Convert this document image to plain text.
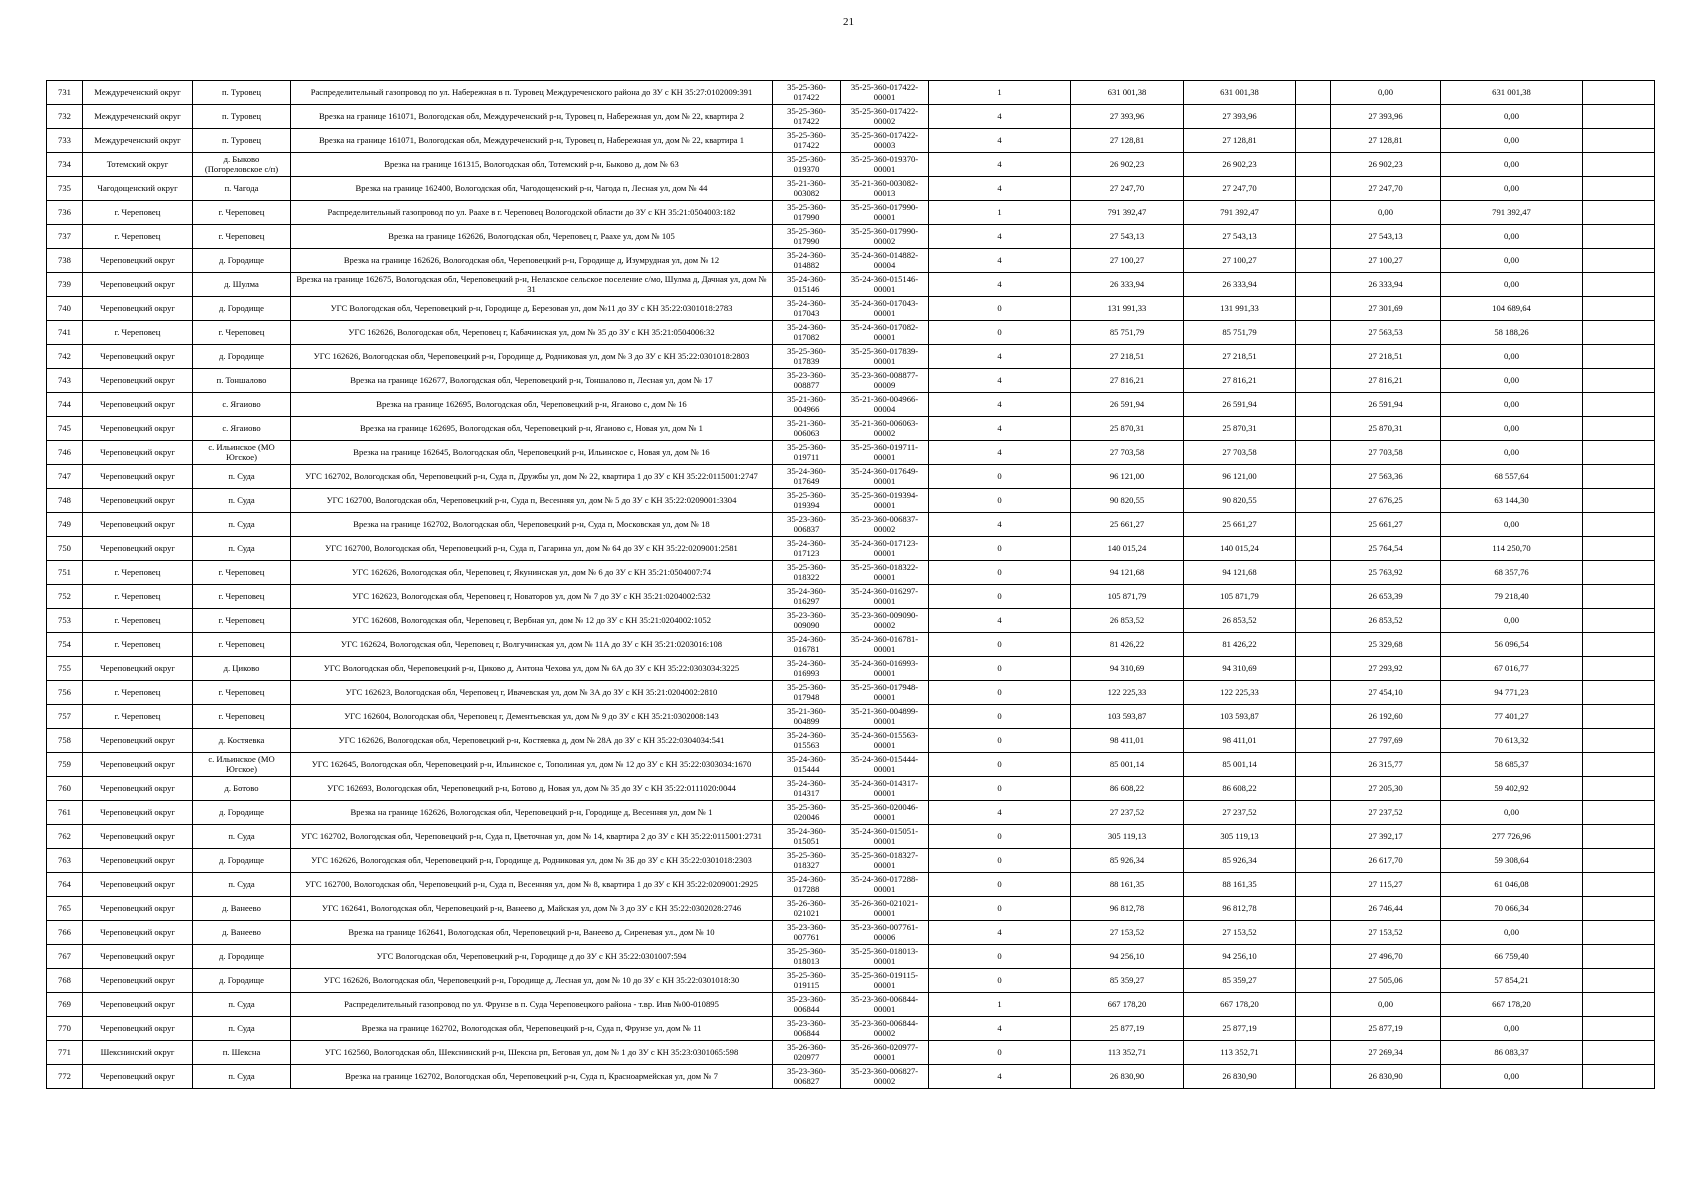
21
731	Междуреченский округ	п. Туровец	Распределительный газопровод по ул. Набережная в п. Туровец Междуреченского района до ЗУ с КН 35:27:0102009:391	35-25-360-017422	35-25-360-017422-00001	1	631 001,38	631 001,38		0,00	631 001,38	
732	Междуреченский округ	п. Туровец	Врезка на границе 161071, Вологодская обл, Междуреченский р-н, Туровец п, Набережная ул, дом № 22, квартира 2	35-25-360-017422	35-25-360-017422-00002	4	27 393,96	27 393,96		27 393,96	0,00	
733	Междуреченский округ	п. Туровец	Врезка на границе 161071, Вологодская обл, Междуреченский р-н, Туровец п, Набережная ул, дом № 22, квартира 1	35-25-360-017422	35-25-360-017422-00003	4	27 128,81	27 128,81		27 128,81	0,00	
734	Тотемский округ	д. Быково (Погореловское с/п)	Врезка на границе 161315, Вологодская обл, Тотемский р-н, Быково д, дом № 63	35-25-360-019370	35-25-360-019370-00001	4	26 902,23	26 902,23		26 902,23	0,00	
735	Чагодощенский округ	п. Чагода	Врезка на границе 162400, Вологодская обл, Чагодощенский р-н, Чагода п, Лесная ул, дом № 44	35-21-360-003082	35-21-360-003082-00013	4	27 247,70	27 247,70		27 247,70	0,00	
736	г. Череповец	г. Череповец	Распределительный газопровод по ул. Раахе в г. Череповец Вологодской области до ЗУ с КН 35:21:0504003:182	35-25-360-017990	35-25-360-017990-00001	1	791 392,47	791 392,47		0,00	791 392,47	
737	г. Череповец	г. Череповец	Врезка на границе 162626, Вологодская обл, Череповец г, Раахе ул, дом № 105	35-25-360-017990	35-25-360-017990-00002	4	27 543,13	27 543,13		27 543,13	0,00	
738	Череповецкий округ	д. Городище	Врезка на границе 162626, Вологодская обл, Череповецкий р-н, Городище д, Изумрудная ул, дом № 12	35-24-360-014882	35-24-360-014882-00004	4	27 100,27	27 100,27		27 100,27	0,00	
739	Череповецкий округ	д. Шулма	Врезка на границе 162675, Вологодская обл, Череповецкий р-н, Нелазское сельское поселение с/мо, Шулма д, Дачная ул, дом № 31	35-24-360-015146	35-24-360-015146-00001	4	26 333,94	26 333,94		26 333,94	0,00	
740	Череповецкий округ	д. Городище	УГС Вологодская обл, Череповецкий р-н, Городище д, Березовая ул, дом №11 до ЗУ с КН 35:22:0301018:2783	35-24-360-017043	35-24-360-017043-00001	0	131 991,33	131 991,33		27 301,69	104 689,64	
741	г. Череповец	г. Череповец	УГС 162626, Вологодская обл, Череповец г, Кабачинская ул, дом № 35 до ЗУ с КН 35:21:0504006:32	35-24-360-017082	35-24-360-017082-00001	0	85 751,79	85 751,79		27 563,53	58 188,26	
742	Череповецкий округ	д. Городище	УГС 162626, Вологодская обл, Череповецкий р-н, Городище д, Родниковая ул, дом № 3 до ЗУ с КН 35:22:0301018:2803	35-25-360-017839	35-25-360-017839-00001	4	27 218,51	27 218,51		27 218,51	0,00	
743	Череповецкий округ	п. Тоншалово	Врезка на границе 162677, Вологодская обл, Череповецкий р-н, Тоншалово п, Лесная ул, дом № 17	35-23-360-008877	35-23-360-008877-00009	4	27 816,21	27 816,21		27 816,21	0,00	
744	Череповецкий округ	с. Ягаиово	Врезка на границе 162695, Вологодская обл, Череповецкий р-н, Ягаиово с, дом № 16	35-21-360-004966	35-21-360-004966-00004	4	26 591,94	26 591,94		26 591,94	0,00	
745	Череповецкий округ	с. Ягаиово	Врезка на границе 162695, Вологодская обл, Череповецкий р-н, Ягаиово с, Новая ул, дом № 1	35-21-360-006063	35-21-360-006063-00002	4	25 870,31	25 870,31		25 870,31	0,00	
746	Череповецкий округ	с. Ильинское (МО Югское)	Врезка на границе 162645, Вологодская обл, Череповецкий р-н, Ильинское с, Новая ул, дом № 16	35-25-360-019711	35-25-360-019711-00001	4	27 703,58	27 703,58		27 703,58	0,00	
747	Череповецкий округ	п. Суда	УГС 162702, Вологодская обл, Череповецкий р-н, Суда п, Дружбы ул, дом № 22, квартира 1 до ЗУ с КН 35:22:0115001:2747	35-24-360-017649	35-24-360-017649-00001	0	96 121,00	96 121,00		27 563,36	68 557,64	
748	Череповецкий округ	п. Суда	УГС 162700, Вологодская обл, Череповецкий р-н, Суда п, Весенняя ул, дом № 5 до ЗУ с КН 35:22:0209001:3304	35-25-360-019394	35-25-360-019394-00001	0	90 820,55	90 820,55		27 676,25	63 144,30	
749	Череповецкий округ	п. Суда	Врезка на границе 162702, Вологодская обл, Череповецкий р-н, Суда п, Московская ул, дом № 18	35-23-360-006837	35-23-360-006837-00002	4	25 661,27	25 661,27		25 661,27	0,00	
750	Череповецкий округ	п. Суда	УГС 162700, Вологодская обл, Череповецкий р-н, Суда п, Гагарина ул, дом № 64 до ЗУ с КН 35:22:0209001:2581	35-24-360-017123	35-24-360-017123-00001	0	140 015,24	140 015,24		25 764,54	114 250,70	
751	г. Череповец	г. Череповец	УГС 162626, Вологодская обл, Череповец г, Якунинская ул, дом № 6 до ЗУ с КН 35:21:0504007:74	35-25-360-018322	35-25-360-018322-00001	0	94 121,68	94 121,68		25 763,92	68 357,76	
752	г. Череповец	г. Череповец	УГС 162623, Вологодская обл, Череповец г, Новаторов ул, дом № 7 до ЗУ с КН 35:21:0204002:532	35-24-360-016297	35-24-360-016297-00001	0	105 871,79	105 871,79		26 653,39	79 218,40	
753	г. Череповец	г. Череповец	УГС 162608, Вологодская обл, Череповец г, Вербная ул, дом № 12 до ЗУ с КН 35:21:0204002:1052	35-23-360-009090	35-23-360-009090-00002	4	26 853,52	26 853,52		26 853,52	0,00	
754	г. Череповец	г. Череповец	УГС 162624, Вологодская обл, Череповец г, Волгучинская ул, дом № 11А до ЗУ с КН 35:21:0203016:108	35-24-360-016781	35-24-360-016781-00001	0	81 426,22	81 426,22		25 329,68	56 096,54	
755	Череповецкий округ	д. Циково	УГС Вологодская обл, Череповецкий р-н, Циково д, Антона Чехова ул, дом № 6А до ЗУ с КН 35:22:0303034:3225	35-24-360-016993	35-24-360-016993-00001	0	94 310,69	94 310,69		27 293,92	67 016,77	
756	г. Череповец	г. Череповец	УГС 162623, Вологодская обл, Череповец г, Ивачевская ул, дом № 3А до ЗУ с КН 35:21:0204002:2810	35-25-360-017948	35-25-360-017948-00001	0	122 225,33	122 225,33		27 454,10	94 771,23	
757	г. Череповец	г. Череповец	УГС 162604, Вологодская обл, Череповец г, Дементьевская ул, дом № 9 до ЗУ с КН 35:21:0302008:143	35-21-360-004899	35-21-360-004899-00001	0	103 593,87	103 593,87		26 192,60	77 401,27	
758	Череповецкий округ	д. Костяевка	УГС 162626, Вологодская обл, Череповецкий р-н, Костяевка д, дом № 28А до ЗУ с КН 35:22:0304034:541	35-24-360-015563	35-24-360-015563-00001	0	98 411,01	98 411,01		27 797,69	70 613,32	
759	Череповецкий округ	с. Ильинское (МО Югское)	УГС 162645, Вологодская обл, Череповецкий р-н, Ильинское с, Тополиная ул, дом № 12 до ЗУ с КН 35:22:0303034:1670	35-24-360-015444	35-24-360-015444-00001	0	85 001,14	85 001,14		26 315,77	58 685,37	
760	Череповецкий округ	д. Ботово	УГС 162693, Вологодская обл, Череповецкий р-н, Ботово д, Новая ул, дом № 35 до ЗУ с КН 35:22:0111020:0044	35-24-360-014317	35-24-360-014317-00001	0	86 608,22	86 608,22		27 205,30	59 402,92	
761	Череповецкий округ	д. Городище	Врезка на границе 162626, Вологодская обл, Череповецкий р-н, Городище д, Весенняя ул, дом № 1	35-25-360-020046	35-25-360-020046-00001	4	27 237,52	27 237,52		27 237,52	0,00	
762	Череповецкий округ	п. Суда	УГС 162702, Вологодская обл, Череповецкий р-н, Суда п, Цветочная ул, дом № 14, квартира 2 до ЗУ с КН 35:22:0115001:2731	35-24-360-015051	35-24-360-015051-00001	0	305 119,13	305 119,13		27 392,17	277 726,96	
763	Череповецкий округ	д. Городище	УГС 162626, Вологодская обл, Череповецкий р-н, Городище д, Родниковая ул, дом № 3Б до ЗУ с КН 35:22:0301018:2303	35-25-360-018327	35-25-360-018327-00001	0	85 926,34	85 926,34		26 617,70	59 308,64	
764	Череповецкий округ	п. Суда	УГС 162700, Вологодская обл, Череповецкий р-н, Суда п, Весенняя ул, дом № 8, квартира 1 до ЗУ с КН 35:22:0209001:2925	35-24-360-017288	35-24-360-017288-00001	0	88 161,35	88 161,35		27 115,27	61 046,08	
765	Череповецкий округ	д. Ванеево	УГС 162641, Вологодская обл, Череповецкий р-н, Ванеево д, Майская ул, дом № 3 до ЗУ с КН 35:22:0302028:2746	35-26-360-021021	35-26-360-021021-00001	0	96 812,78	96 812,78		26 746,44	70 066,34	
766	Череповецкий округ	д. Ванеево	Врезка на границе 162641, Вологодская обл, Череповецкий р-н, Ванеево д, Сиреневая ул., дом № 10	35-23-360-007761	35-23-360-007761-00006	4	27 153,52	27 153,52		27 153,52	0,00	
767	Череповецкий округ	д. Городище	УГС Вологодская обл, Череповецкий р-н, Городище д до ЗУ с КН 35:22:0301007:594	35-25-360-018013	35-25-360-018013-00001	0	94 256,10	94 256,10		27 496,70	66 759,40	
768	Череповецкий округ	д. Городище	УГС 162626, Вологодская обл, Череповецкий р-н, Городище д, Лесная ул, дом № 10 до ЗУ с КН 35:22:0301018:30	35-25-360-019115	35-25-360-019115-00001	0	85 359,27	85 359,27		27 505,06	57 854,21	
769	Череповецкий округ	п. Суда	Распределительный газопровод по ул. Фрунзе в п. Суда Череповецкого района - т.вр. Инв №00-010895	35-23-360-006844	35-23-360-006844-00001	1	667 178,20	667 178,20		0,00	667 178,20	
770	Череповецкий округ	п. Суда	Врезка на границе 162702, Вологодская обл, Череповецкий р-н, Суда п, Фрунзе ул, дом № 11	35-23-360-006844	35-23-360-006844-00002	4	25 877,19	25 877,19		25 877,19	0,00	
771	Шекснинский округ	п. Шексна	УГС 162560, Вологодская обл, Шекснинский р-н, Шексна рп, Беговая ул, дом № 1 до ЗУ с КН 35:23:0301065:598	35-26-360-020977	35-26-360-020977-00001	0	113 352,71	113 352,71		27 269,34	86 083,37	
772	Череповецкий округ	п. Суда	Врезка на границе 162702, Вологодская обл, Череповецкий р-н, Суда п, Красноармейская ул, дом № 7	35-23-360-006827	35-23-360-006827-00002	4	26 830,90	26 830,90		26 830,90	0,00	
